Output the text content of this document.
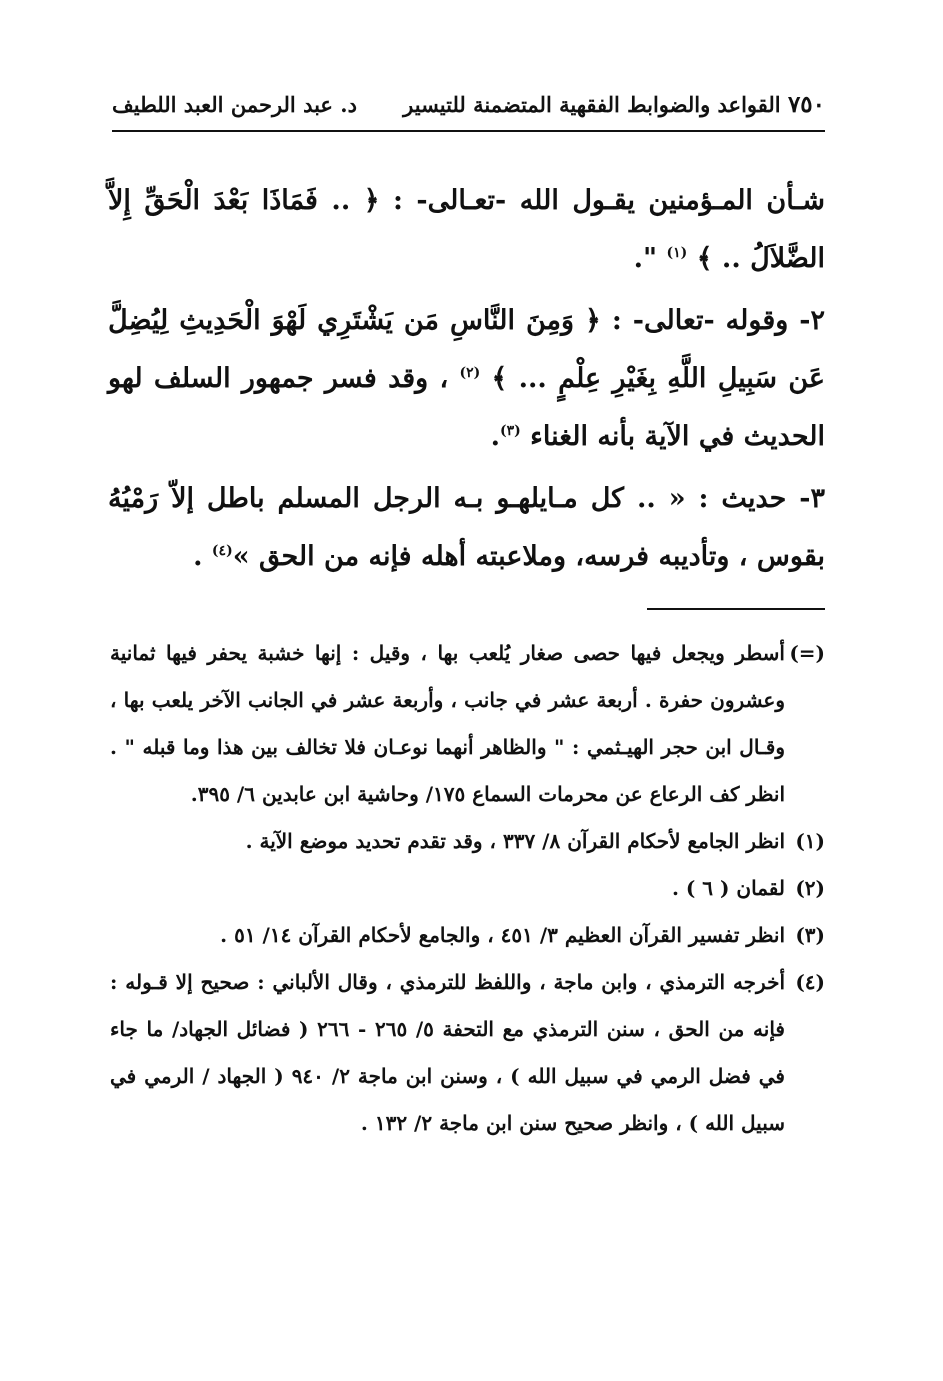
٧٥٠ القواعد والضوابط الفقهية المتضمنة للتيسير
د. عبد الرحمن العبد اللطيف

شـأن المـؤمنين يقـول الله -تعـالى- : ﴿ .. فَمَاذَا بَعْدَ الْحَقِّ إِلاَّ الضَّلاَلُ .. ﴾ $^{(١)}$ ".

٢- وقوله -تعالى- : ﴿ وَمِنَ النَّاسِ مَن يَشْتَرِي لَهْوَ الْحَدِيثِ لِيُضِلَّ عَن سَبِيلِ اللَّهِ بِغَيْرِ عِلْمٍ ... ﴾ $^{(٢)}$ ، وقد فسر جمهور السلف لهو الحديث في الآية بأنه الغناء $^{(٣)}$.

٣- حديث : « .. كل مـايلهـو بـه الرجل المسلم باطل إلاّ رَمْيُهُ بقوس ، وتأديبه فرسه، وملاعبته أهله فإنه من الحق »$^{(٤)}$ .

(=)
أسطر ويجعل فيها حصى صغار يُلعب بها ، وقيل : إنها خشبة يحفر فيها ثمانية وعشرون حفرة . أربعة عشر في جانب ، وأربعة عشر في الجانب الآخر يلعب بها ، وقـال ابن حجر الهيـثمي : " والظاهر أنهما نوعـان فلا تخالف بين هذا وما قبله " . انظر كف الرعاع عن محرمات السماع ١٧٥/ وحاشية ابن عابدين ٦/ ٣٩٥.
(١)
انظر الجامع لأحكام القرآن ٨/ ٣٣٧ ، وقد تقدم تحديد موضع الآية .
(٢)
لقمان ( ٦ ) .
(٣)
انظر تفسير القرآن العظيم ٣/ ٤٥١ ، والجامع لأحكام القرآن ١٤/ ٥١ .
(٤)
أخرجه الترمذي ، وابن ماجة ، واللفظ للترمذي ، وقال الألباني : صحيح إلا قـوله : فإنه من الحق ، سنن الترمذي مع التحفة ٥/ ٢٦٥ - ٢٦٦ ( فضائل الجهاد/ ما جاء في فضل الرمي في سبيل الله ) ، وسنن ابن ماجة ٢/ ٩٤٠ ( الجهاد / الرمي في سبيل الله ) ، وانظر صحيح سنن ابن ماجة ٢/ ١٣٢ .
